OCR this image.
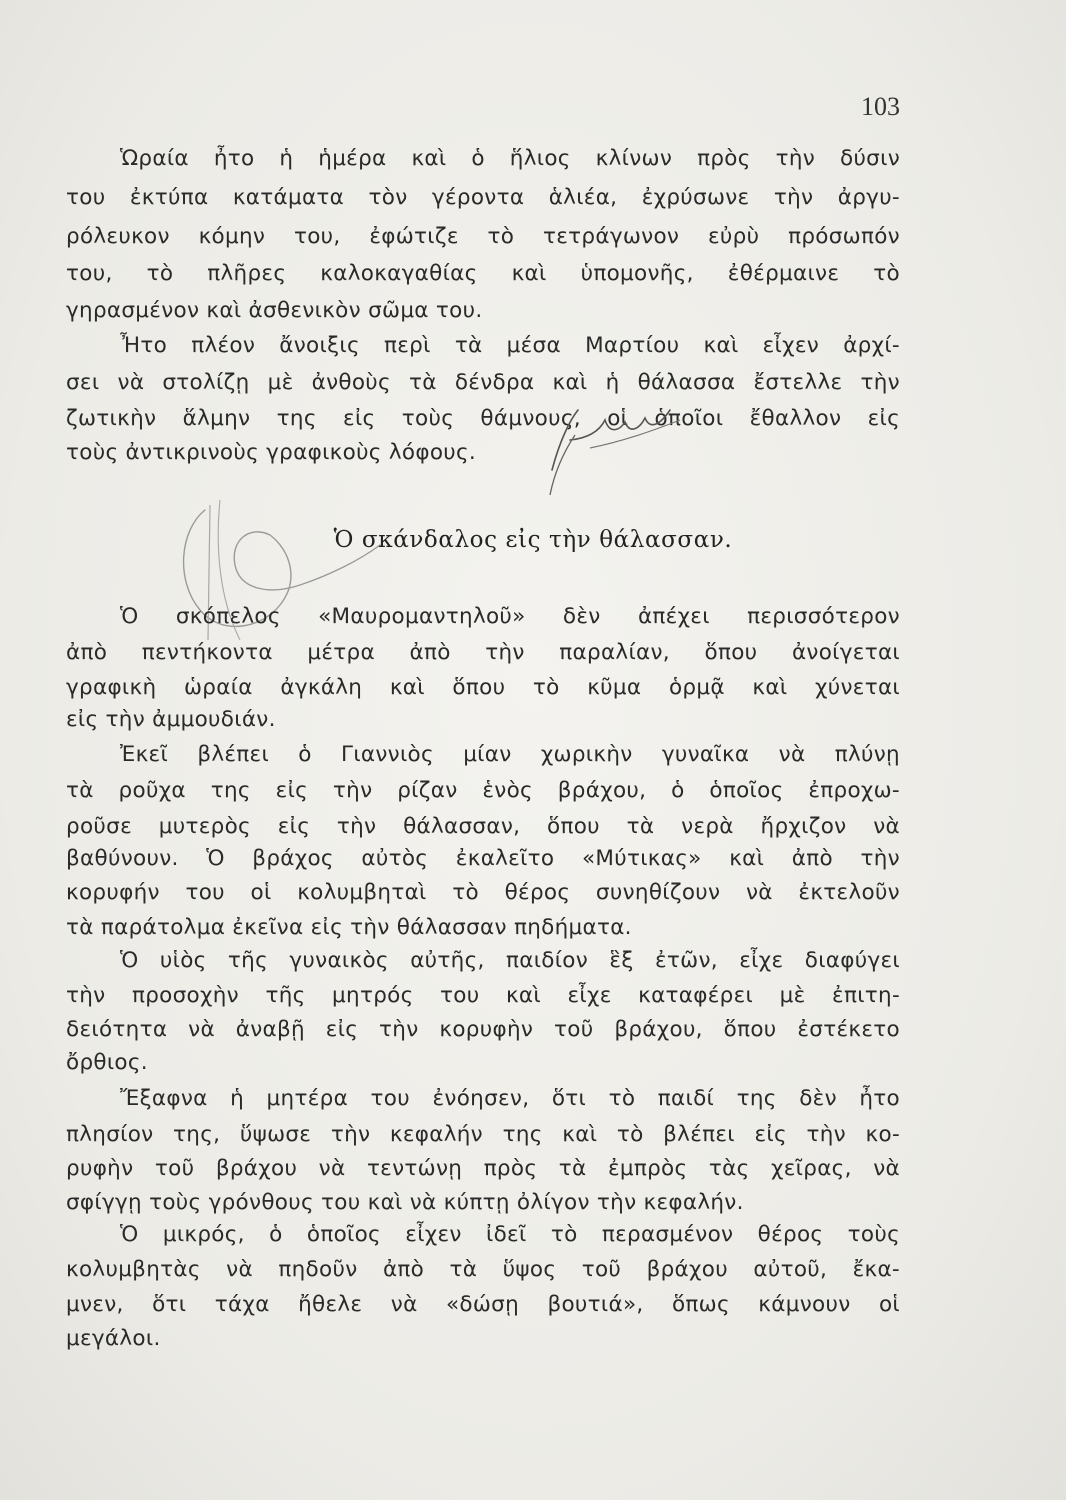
103
Ὡραία ἦτο ἡ ἡμέρα καὶ ὁ ἥλιος κλίνων πρὸς τὴν δύσιν
του ἐκτύπα κατάματα τὸν γέροντα ἁλιέα, ἐχρύσωνε τὴν ἀργυ-
ρόλευκον κόμην του, ἐφώτιζε τὸ τετράγωνον εὐρὺ πρόσωπόν
του, τὸ πλῆρες καλοκαγαθίας καὶ ὑπομονῆς, ἐθέρμαινε τὸ
γηρασμένον καὶ ἀσθενικὸν σῶμα του.
Ἦτο πλέον ἄνοιξις περὶ τὰ μέσα Μαρτίου καὶ εἶχεν ἀρχί-
σει νὰ στολίζῃ μὲ ἀνθοὺς τὰ δένδρα καὶ ἡ θάλασσα ἔστελλε τὴν
ζωτικὴν ἅλμην της εἰς τοὺς θάμνους, οἱ ὁποῖοι ἔθαλλον εἰς
τοὺς ἀντικρινοὺς γραφικοὺς λόφους.
Ὁ σκάνδαλος εἰς τὴν θάλασσαν.
Ὁ σκόπελος «Μαυρομαντηλοῦ» δὲν ἀπέχει περισσότερον
ἀπὸ πεντήκοντα μέτρα ἀπὸ τὴν παραλίαν, ὅπου ἀνοίγεται
γραφικὴ ὡραία ἀγκάλη καὶ ὅπου τὸ κῦμα ὁρμᾷ καὶ χύνεται
εἰς τὴν ἀμμουδιάν.
Ἐκεῖ βλέπει ὁ Γιαννιὸς μίαν χωρικὴν γυναῖκα νὰ πλύνῃ
τὰ ροῦχα της εἰς τὴν ρίζαν ἑνὸς βράχου, ὁ ὁποῖος ἐπροχω-
ροῦσε μυτερὸς εἰς τὴν θάλασσαν, ὅπου τὰ νερὰ ἤρχιζον νὰ
βαθύνουν. Ὁ βράχος αὐτὸς ἐκαλεῖτο «Μύτικας» καὶ ἀπὸ τὴν
κορυφήν του οἱ κολυμβηταὶ τὸ θέρος συνηθίζουν νὰ ἐκτελοῦν
τὰ παράτολμα ἐκεῖνα εἰς τὴν θάλασσαν πηδήματα.
Ὁ υἱὸς τῆς γυναικὸς αὐτῆς, παιδίον ἓξ ἐτῶν, εἶχε διαφύγει
τὴν προσοχὴν τῆς μητρός του καὶ εἶχε καταφέρει μὲ ἐπιτη-
δειότητα νὰ ἀναβῇ εἰς τὴν κορυφὴν τοῦ βράχου, ὅπου ἐστέκετο
ὄρθιος.
Ἔξαφνα ἡ μητέρα του ἐνόησεν, ὅτι τὸ παιδί της δὲν ἦτο
πλησίον της, ὕψωσε τὴν κεφαλήν της καὶ τὸ βλέπει εἰς τὴν κο-
ρυφὴν τοῦ βράχου νὰ τεντώνῃ πρὸς τὰ ἐμπρὸς τὰς χεῖρας, νὰ
σφίγγῃ τοὺς γρόνθους του καὶ νὰ κύπτῃ ὀλίγον τὴν κεφαλήν.
Ὁ μικρός, ὁ ὁποῖος εἶχεν ἰδεῖ τὸ περασμένον θέρος τοὺς
κολυμβητὰς νὰ πηδοῦν ἀπὸ τὰ ὕψος τοῦ βράχου αὐτοῦ, ἔκα-
μνεν, ὅτι τάχα ἤθελε νὰ «δώσῃ βουτιά», ὅπως κάμνουν οἱ
μεγάλοι.
